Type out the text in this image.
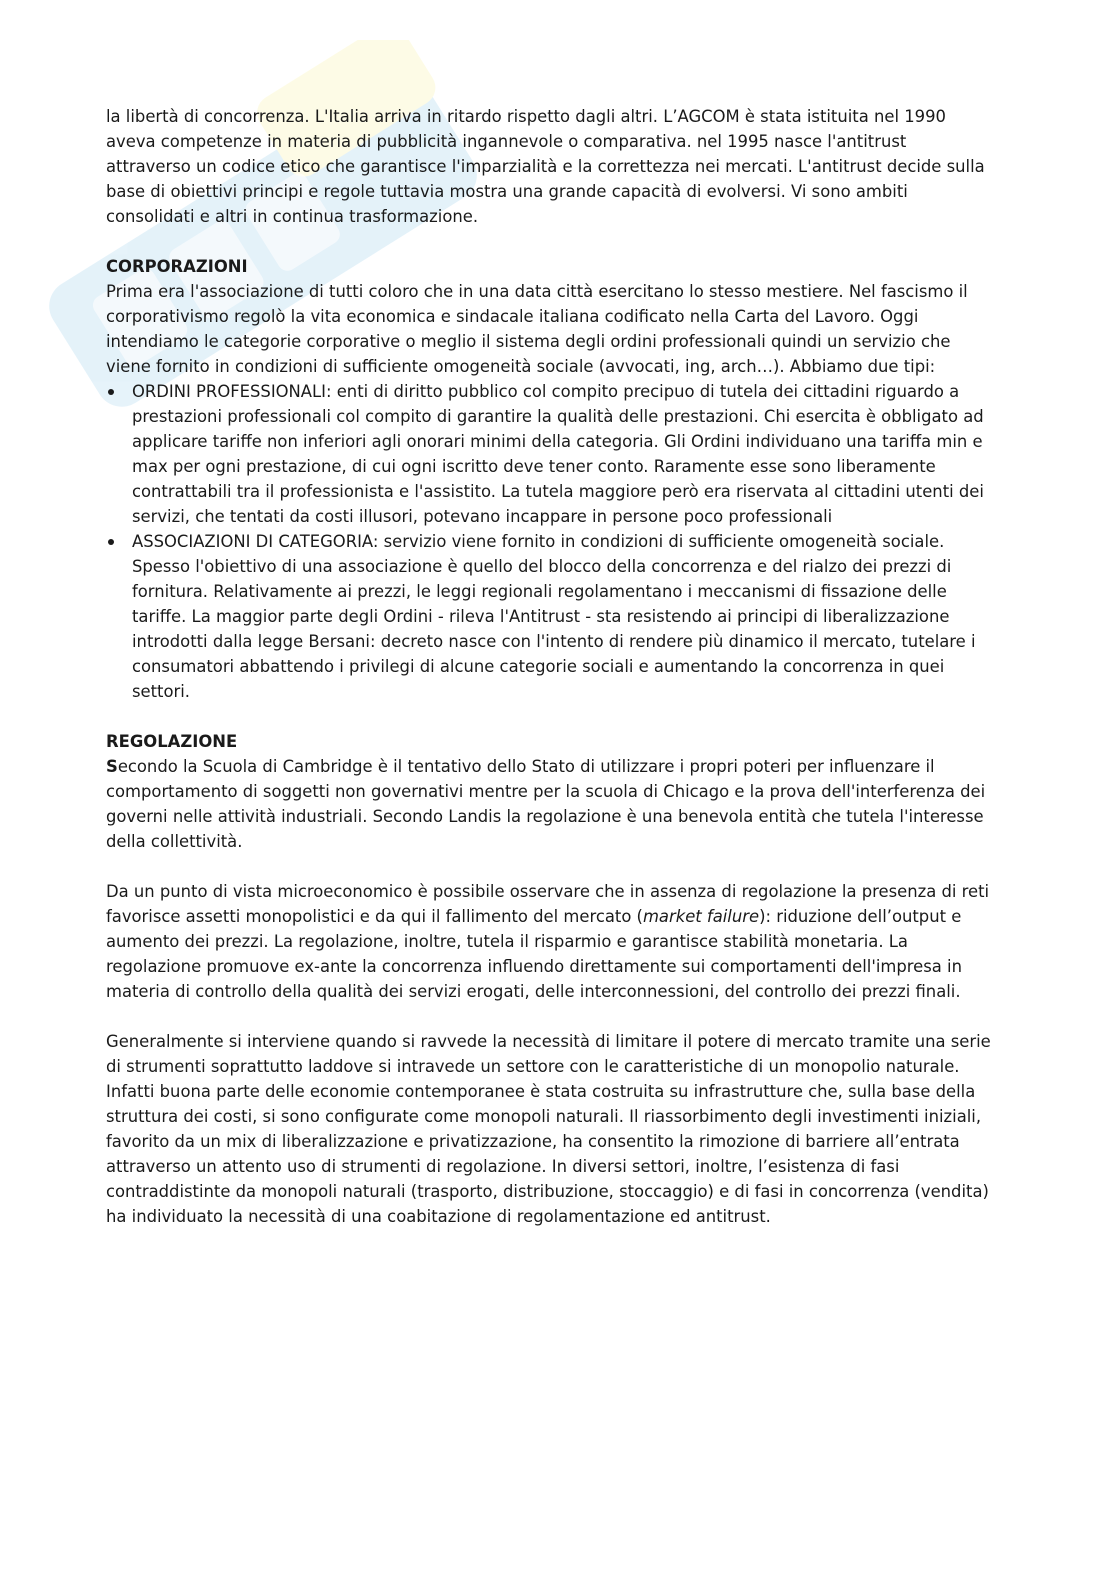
la libertà di concorrenza. L'Italia arriva in ritardo rispetto dagli altri. L’AGCOM è stata istituita nel 1990 aveva competenze in materia di pubblicità ingannevole o comparativa. nel 1995 nasce l'antitrust attraverso un codice etico che garantisce l'imparzialità e la correttezza nei mercati. L'antitrust decide sulla base di obiettivi principi e regole tuttavia mostra una grande capacità di evolversi. Vi sono ambiti consolidati e altri in continua trasformazione.

CORPORAZIONI

Prima era l'associazione di tutti coloro che in una data città esercitano lo stesso mestiere. Nel fascismo il corporativismo regolò la vita economica e sindacale italiana codificato nella Carta del Lavoro. Oggi intendiamo le categorie corporative o meglio il sistema degli ordini professionali quindi un servizio che viene fornito in condizioni di sufficiente omogeneità sociale (avvocati, ing, arch…). Abbiamo due tipi:

ORDINI PROFESSIONALI: enti di diritto pubblico col compito precipuo di tutela dei cittadini riguardo a prestazioni professionali col compito di garantire la qualità delle prestazioni. Chi esercita è obbligato ad applicare tariffe non inferiori agli onorari minimi della categoria. Gli Ordini individuano una tariffa min e max per ogni prestazione, di cui ogni iscritto deve tener conto. Raramente esse sono liberamente contrattabili tra il professionista e l'assistito. La tutela maggiore però era riservata al cittadini utenti dei servizi, che tentati da costi illusori, potevano incappare in persone poco professionali
ASSOCIAZIONI DI CATEGORIA: servizio viene fornito in condizioni di sufficiente omogeneità sociale. Spesso l'obiettivo di una associazione è quello del blocco della concorrenza e del rialzo dei prezzi di fornitura. Relativamente ai prezzi, le leggi regionali regolamentano i meccanismi di fissazione delle tariffe. La maggior parte degli Ordini - rileva l'Antitrust - sta resistendo ai principi di liberalizzazione introdotti dalla legge Bersani: decreto nasce con l'intento di rendere più dinamico il mercato, tutelare i consumatori abbattendo i privilegi di alcune categorie sociali e aumentando la concorrenza in quei settori.
REGOLAZIONE

Secondo la Scuola di Cambridge è il tentativo dello Stato di utilizzare i propri poteri per influenzare il comportamento di soggetti non governativi mentre per la scuola di Chicago e la prova dell'interferenza dei governi nelle attività industriali. Secondo Landis la regolazione è una benevola entità che tutela l'interesse della collettività.

Da un punto di vista microeconomico è possibile osservare che in assenza di regolazione la presenza di reti favorisce assetti monopolistici e da qui il fallimento del mercato (market failure): riduzione dell’output e aumento dei prezzi. La regolazione, inoltre, tutela il risparmio e garantisce stabilità monetaria. La regolazione promuove ex-ante la concorrenza influendo direttamente sui comportamenti dell'impresa in materia di controllo della qualità dei servizi erogati, delle interconnessioni, del controllo dei prezzi finali.

Generalmente si interviene quando si ravvede la necessità di limitare il potere di mercato tramite una serie di strumenti soprattutto laddove si intravede un settore con le caratteristiche di un monopolio naturale. Infatti buona parte delle economie contemporanee è stata costruita su infrastrutture che, sulla base della struttura dei costi, si sono configurate come monopoli naturali. Il riassorbimento degli investimenti iniziali, favorito da un mix di liberalizzazione e privatizzazione, ha consentito la rimozione di barriere all’entrata attraverso un attento uso di strumenti di regolazione. In diversi settori, inoltre, l’esistenza di fasi contraddistinte da monopoli naturali (trasporto, distribuzione, stoccaggio) e di fasi in concorrenza (vendita) ha individuato la necessità di una coabitazione di regolamentazione ed antitrust.
